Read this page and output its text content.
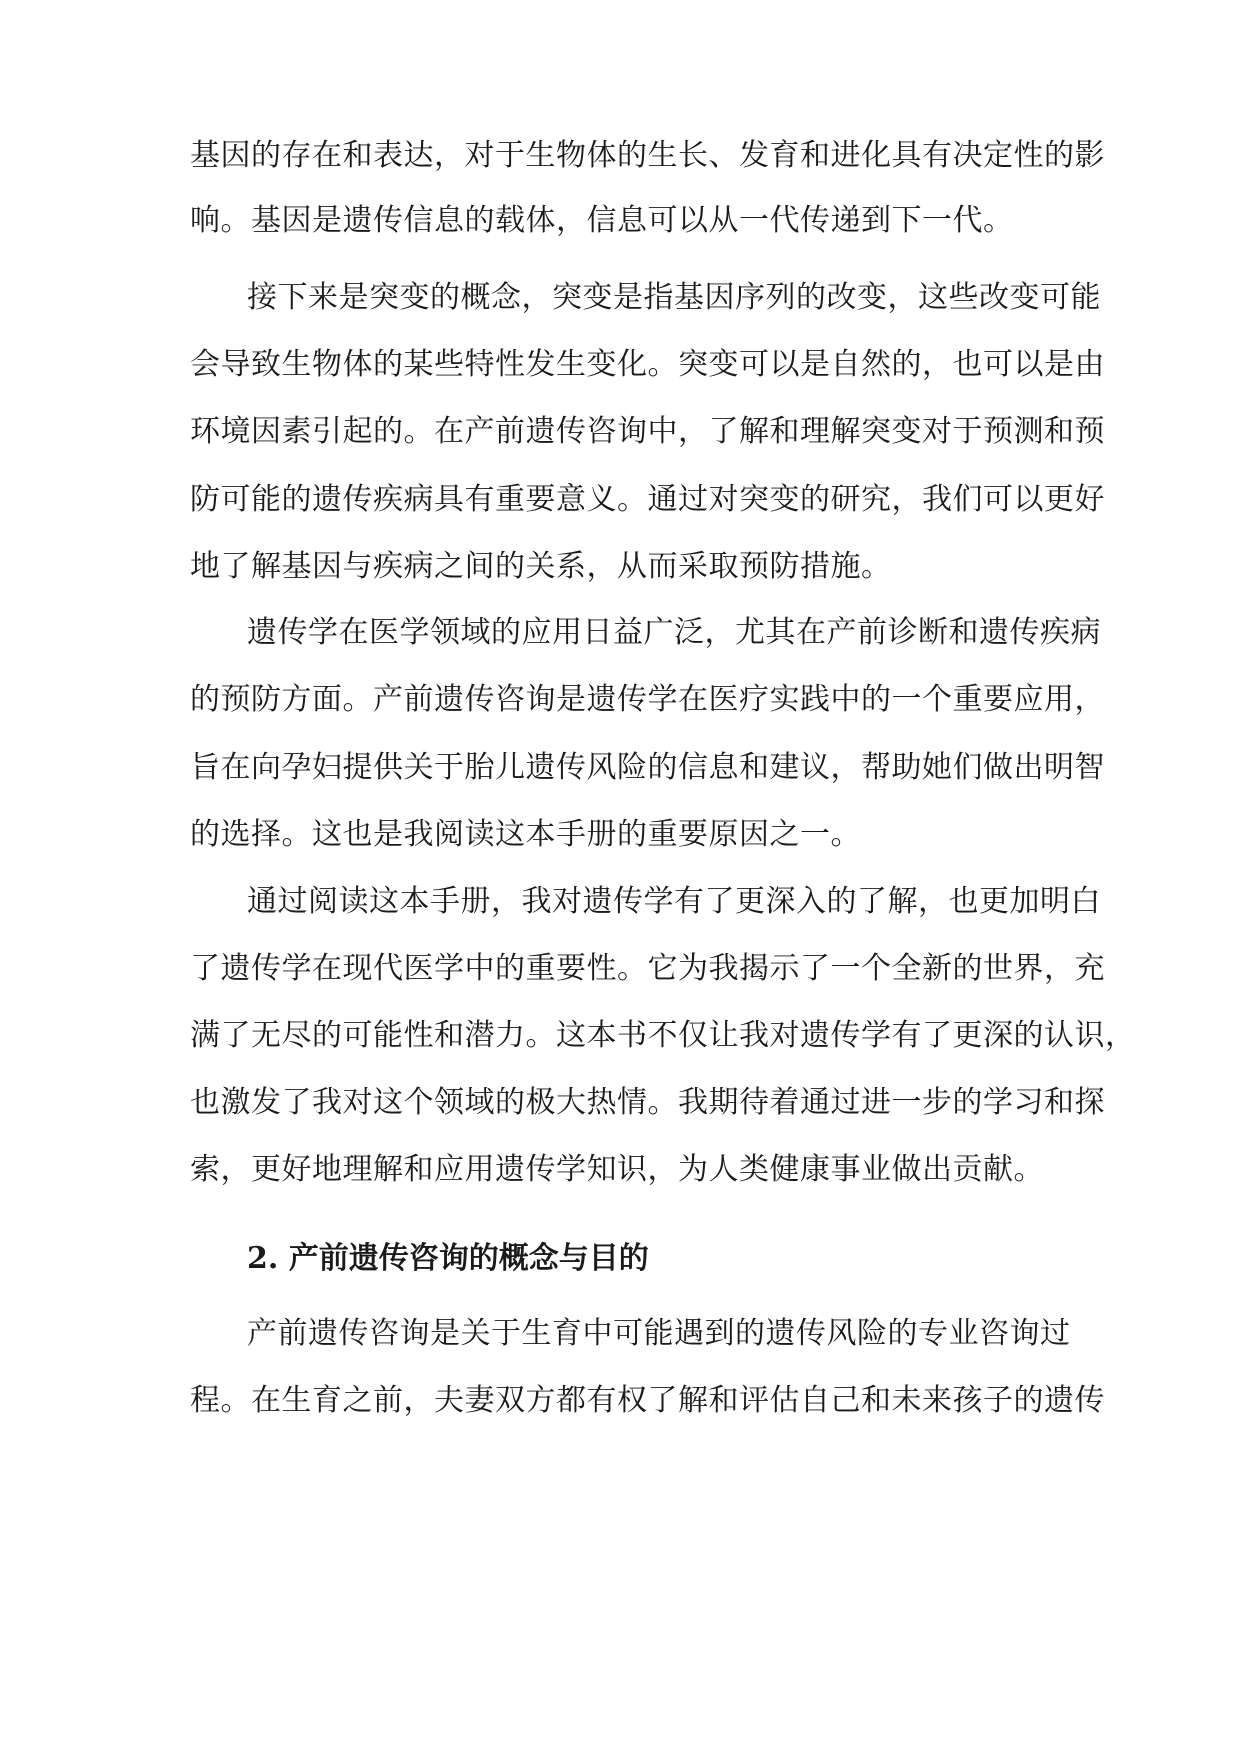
基因的存在和表达，对于生物体的生长、发育和进化具有决定性的影

响。基因是遗传信息的载体，信息可以从一代传递到下一代。

接下来是突变的概念，突变是指基因序列的改变，这些改变可能

会导致生物体的某些特性发生变化。突变可以是自然的，也可以是由

环境因素引起的。在产前遗传咨询中，了解和理解突变对于预测和预

防可能的遗传疾病具有重要意义。通过对突变的研究，我们可以更好

地了解基因与疾病之间的关系，从而采取预防措施。

遗传学在医学领域的应用日益广泛，尤其在产前诊断和遗传疾病

的预防方面。产前遗传咨询是遗传学在医疗实践中的一个重要应用，

旨在向孕妇提供关于胎儿遗传风险的信息和建议，帮助她们做出明智

的选择。这也是我阅读这本手册的重要原因之一。

通过阅读这本手册，我对遗传学有了更深入的了解，也更加明白

了遗传学在现代医学中的重要性。它为我揭示了一个全新的世界，充

满了无尽的可能性和潜力。这本书不仅让我对遗传学有了更深的认识，

也激发了我对这个领域的极大热情。我期待着通过进一步的学习和探

索，更好地理解和应用遗传学知识，为人类健康事业做出贡献。

2. 产前遗传咨询的概念与目的

产前遗传咨询是关于生育中可能遇到的遗传风险的专业咨询过

程。在生育之前，夫妻双方都有权了解和评估自己和未来孩子的遗传
